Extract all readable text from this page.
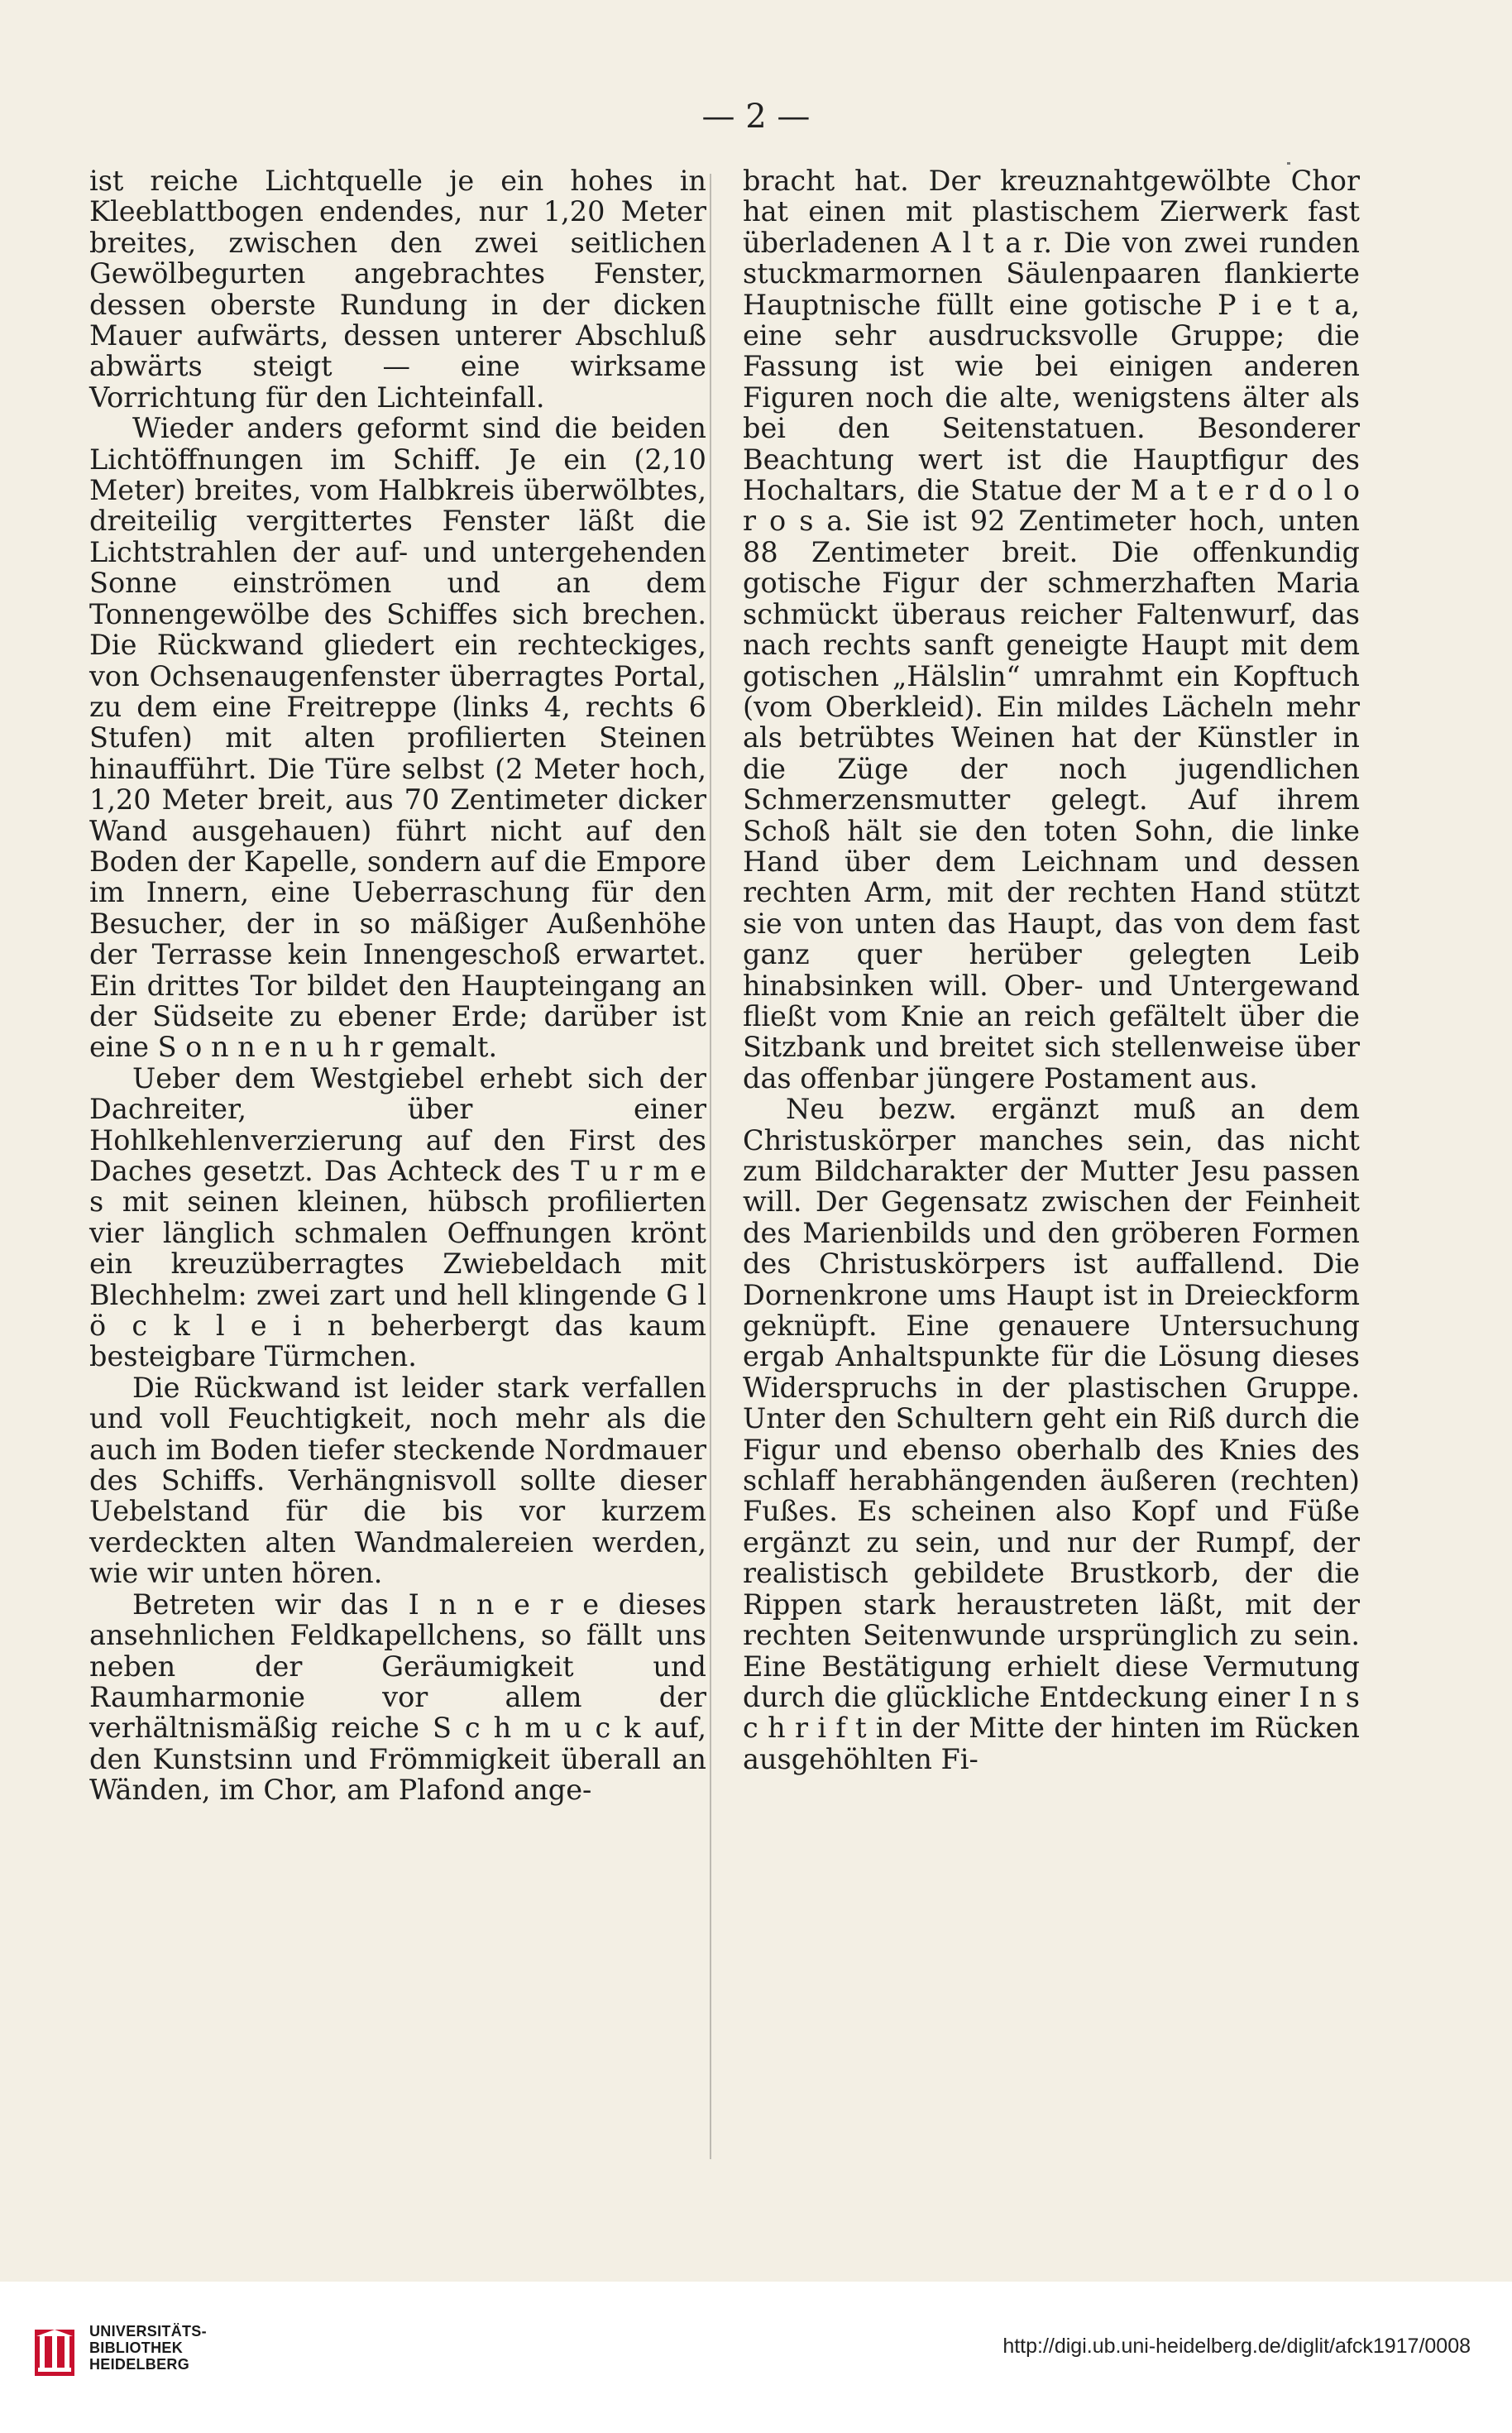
— 2 —

ist reiche Lichtquelle je ein hohes in Kleeblattbogen endendes, nur 1,20 Meter breites, zwischen den zwei seitlichen Gewölbegurten angebrachtes Fenster, dessen oberste Rundung in der dicken Mauer aufwärts, dessen unterer Abschluß abwärts steigt — eine wirksame Vorrichtung für den Lichteinfall.

Wieder anders geformt sind die beiden Lichtöffnungen im Schiff. Je ein (2,10 Meter) breites, vom Halbkreis überwölbtes, dreiteilig vergittertes Fenster läßt die Lichtstrahlen der auf- und untergehenden Sonne einströmen und an dem Tonnengewölbe des Schiffes sich brechen. Die Rückwand gliedert ein rechteckiges, von Ochsenaugenfenster überragtes Portal, zu dem eine Freitreppe (links 4, rechts 6 Stufen) mit alten profilierten Steinen hinaufführt. Die Türe selbst (2 Meter hoch, 1,20 Meter breit, aus 70 Zentimeter dicker Wand ausgehauen) führt nicht auf den Boden der Kapelle, sondern auf die Empore im Innern, eine Ueberraschung für den Besucher, der in so mäßiger Außenhöhe der Terrasse kein Innengeschoß erwartet. Ein drittes Tor bildet den Haupteingang an der Südseite zu ebener Erde; darüber ist eine S o n n e n u h r gemalt.

Ueber dem Westgiebel erhebt sich der Dachreiter, über einer Hohlkehlenverzierung auf den First des Daches gesetzt. Das Achteck des T u r m e s mit seinen kleinen, hübsch profilierten vier länglich schmalen Oeffnungen krönt ein kreuzüberragtes Zwiebeldach mit Blechhelm: zwei zart und hell klingende G l ö c k l e i n beherbergt das kaum besteigbare Türmchen.

Die Rückwand ist leider stark verfallen und voll Feuchtigkeit, noch mehr als die auch im Boden tiefer steckende Nordmauer des Schiffs. Verhängnisvoll sollte dieser Uebelstand für die bis vor kurzem verdeckten alten Wandmalereien werden, wie wir unten hören.

Betreten wir das I n n e r e dieses ansehnlichen Feldkapellchens, so fällt uns neben der Geräumigkeit und Raumharmonie vor allem der verhältnismäßig reiche S c h m u c k auf, den Kunstsinn und Frömmigkeit überall an Wänden, im Chor, am Plafond ange-

bracht hat. Der kreuznahtgewölbte Chor hat einen mit plastischem Zierwerk fast überladenen A l t a r. Die von zwei runden stuckmarmornen Säulenpaaren flankierte Hauptnische füllt eine gotische P i e t a, eine sehr ausdrucksvolle Gruppe; die Fassung ist wie bei einigen anderen Figuren noch die alte, wenigstens älter als bei den Seitenstatuen. Besonderer Beachtung wert ist die Hauptfigur des Hochaltars, die Statue der M a t e r d o l o r o s a. Sie ist 92 Zentimeter hoch, unten 88 Zentimeter breit. Die offenkundig gotische Figur der schmerzhaften Maria schmückt überaus reicher Faltenwurf, das nach rechts sanft geneigte Haupt mit dem gotischen „Hälslin“ umrahmt ein Kopftuch (vom Oberkleid). Ein mildes Lächeln mehr als betrübtes Weinen hat der Künstler in die Züge der noch jugendlichen Schmerzensmutter gelegt. Auf ihrem Schoß hält sie den toten Sohn, die linke Hand über dem Leichnam und dessen rechten Arm, mit der rechten Hand stützt sie von unten das Haupt, das von dem fast ganz quer herüber gelegten Leib hinabsinken will. Ober- und Untergewand fließt vom Knie an reich gefältelt über die Sitzbank und breitet sich stellenweise über das offenbar jüngere Postament aus.

Neu bezw. ergänzt muß an dem Christuskörper manches sein, das nicht zum Bildcharakter der Mutter Jesu passen will. Der Gegensatz zwischen der Feinheit des Marienbilds und den gröberen Formen des Christuskörpers ist auffallend. Die Dornenkrone ums Haupt ist in Dreieckform geknüpft. Eine genauere Untersuchung ergab Anhaltspunkte für die Lösung dieses Widerspruchs in der plastischen Gruppe. Unter den Schultern geht ein Riß durch die Figur und ebenso oberhalb des Knies des schlaff herabhängenden äußeren (rechten) Fußes. Es scheinen also Kopf und Füße ergänzt zu sein, und nur der Rumpf, der realistisch gebildete Brustkorb, der die Rippen stark heraustreten läßt, mit der rechten Seitenwunde ursprünglich zu sein. Eine Bestätigung erhielt diese Vermutung durch die glückliche Entdeckung einer I n s c h r i f t in der Mitte der hinten im Rücken ausgehöhlten Fi-

UNIVERSITÄTS-
BIBLIOTHEK
HEIDELBERG
http://digi.ub.uni-heidelberg.de/diglit/afck1917/0008
